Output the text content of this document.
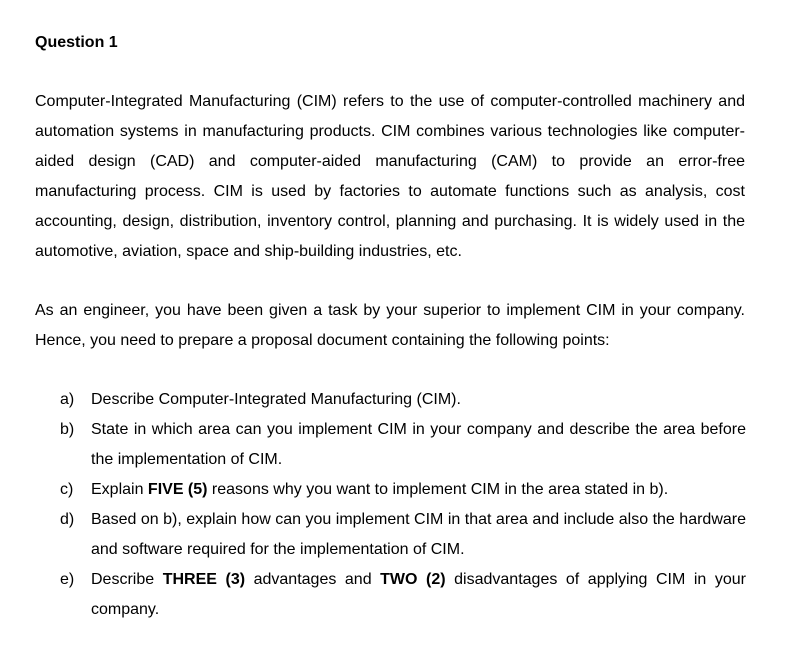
Question 1

Computer-Integrated Manufacturing (CIM) refers to the use of computer-controlled machinery and automation systems in manufacturing products. CIM combines various technologies like computer-aided design (CAD) and computer-aided manufacturing (CAM) to provide an error-free manufacturing process. CIM is used by factories to automate functions such as analysis, cost accounting, design, distribution, inventory control, planning and purchasing. It is widely used in the automotive, aviation, space and ship-building industries, etc.

As an engineer, you have been given a task by your superior to implement CIM in your company. Hence, you need to prepare a proposal document containing the following points:

a) Describe Computer-Integrated Manufacturing (CIM).
b) State in which area can you implement CIM in your company and describe the area before the implementation of CIM.
c) Explain FIVE (5) reasons why you want to implement CIM in the area stated in b).
d) Based on b), explain how can you implement CIM in that area and include also the hardware and software required for the implementation of CIM.
e) Describe THREE (3) advantages and TWO (2) disadvantages of applying CIM in your company.
